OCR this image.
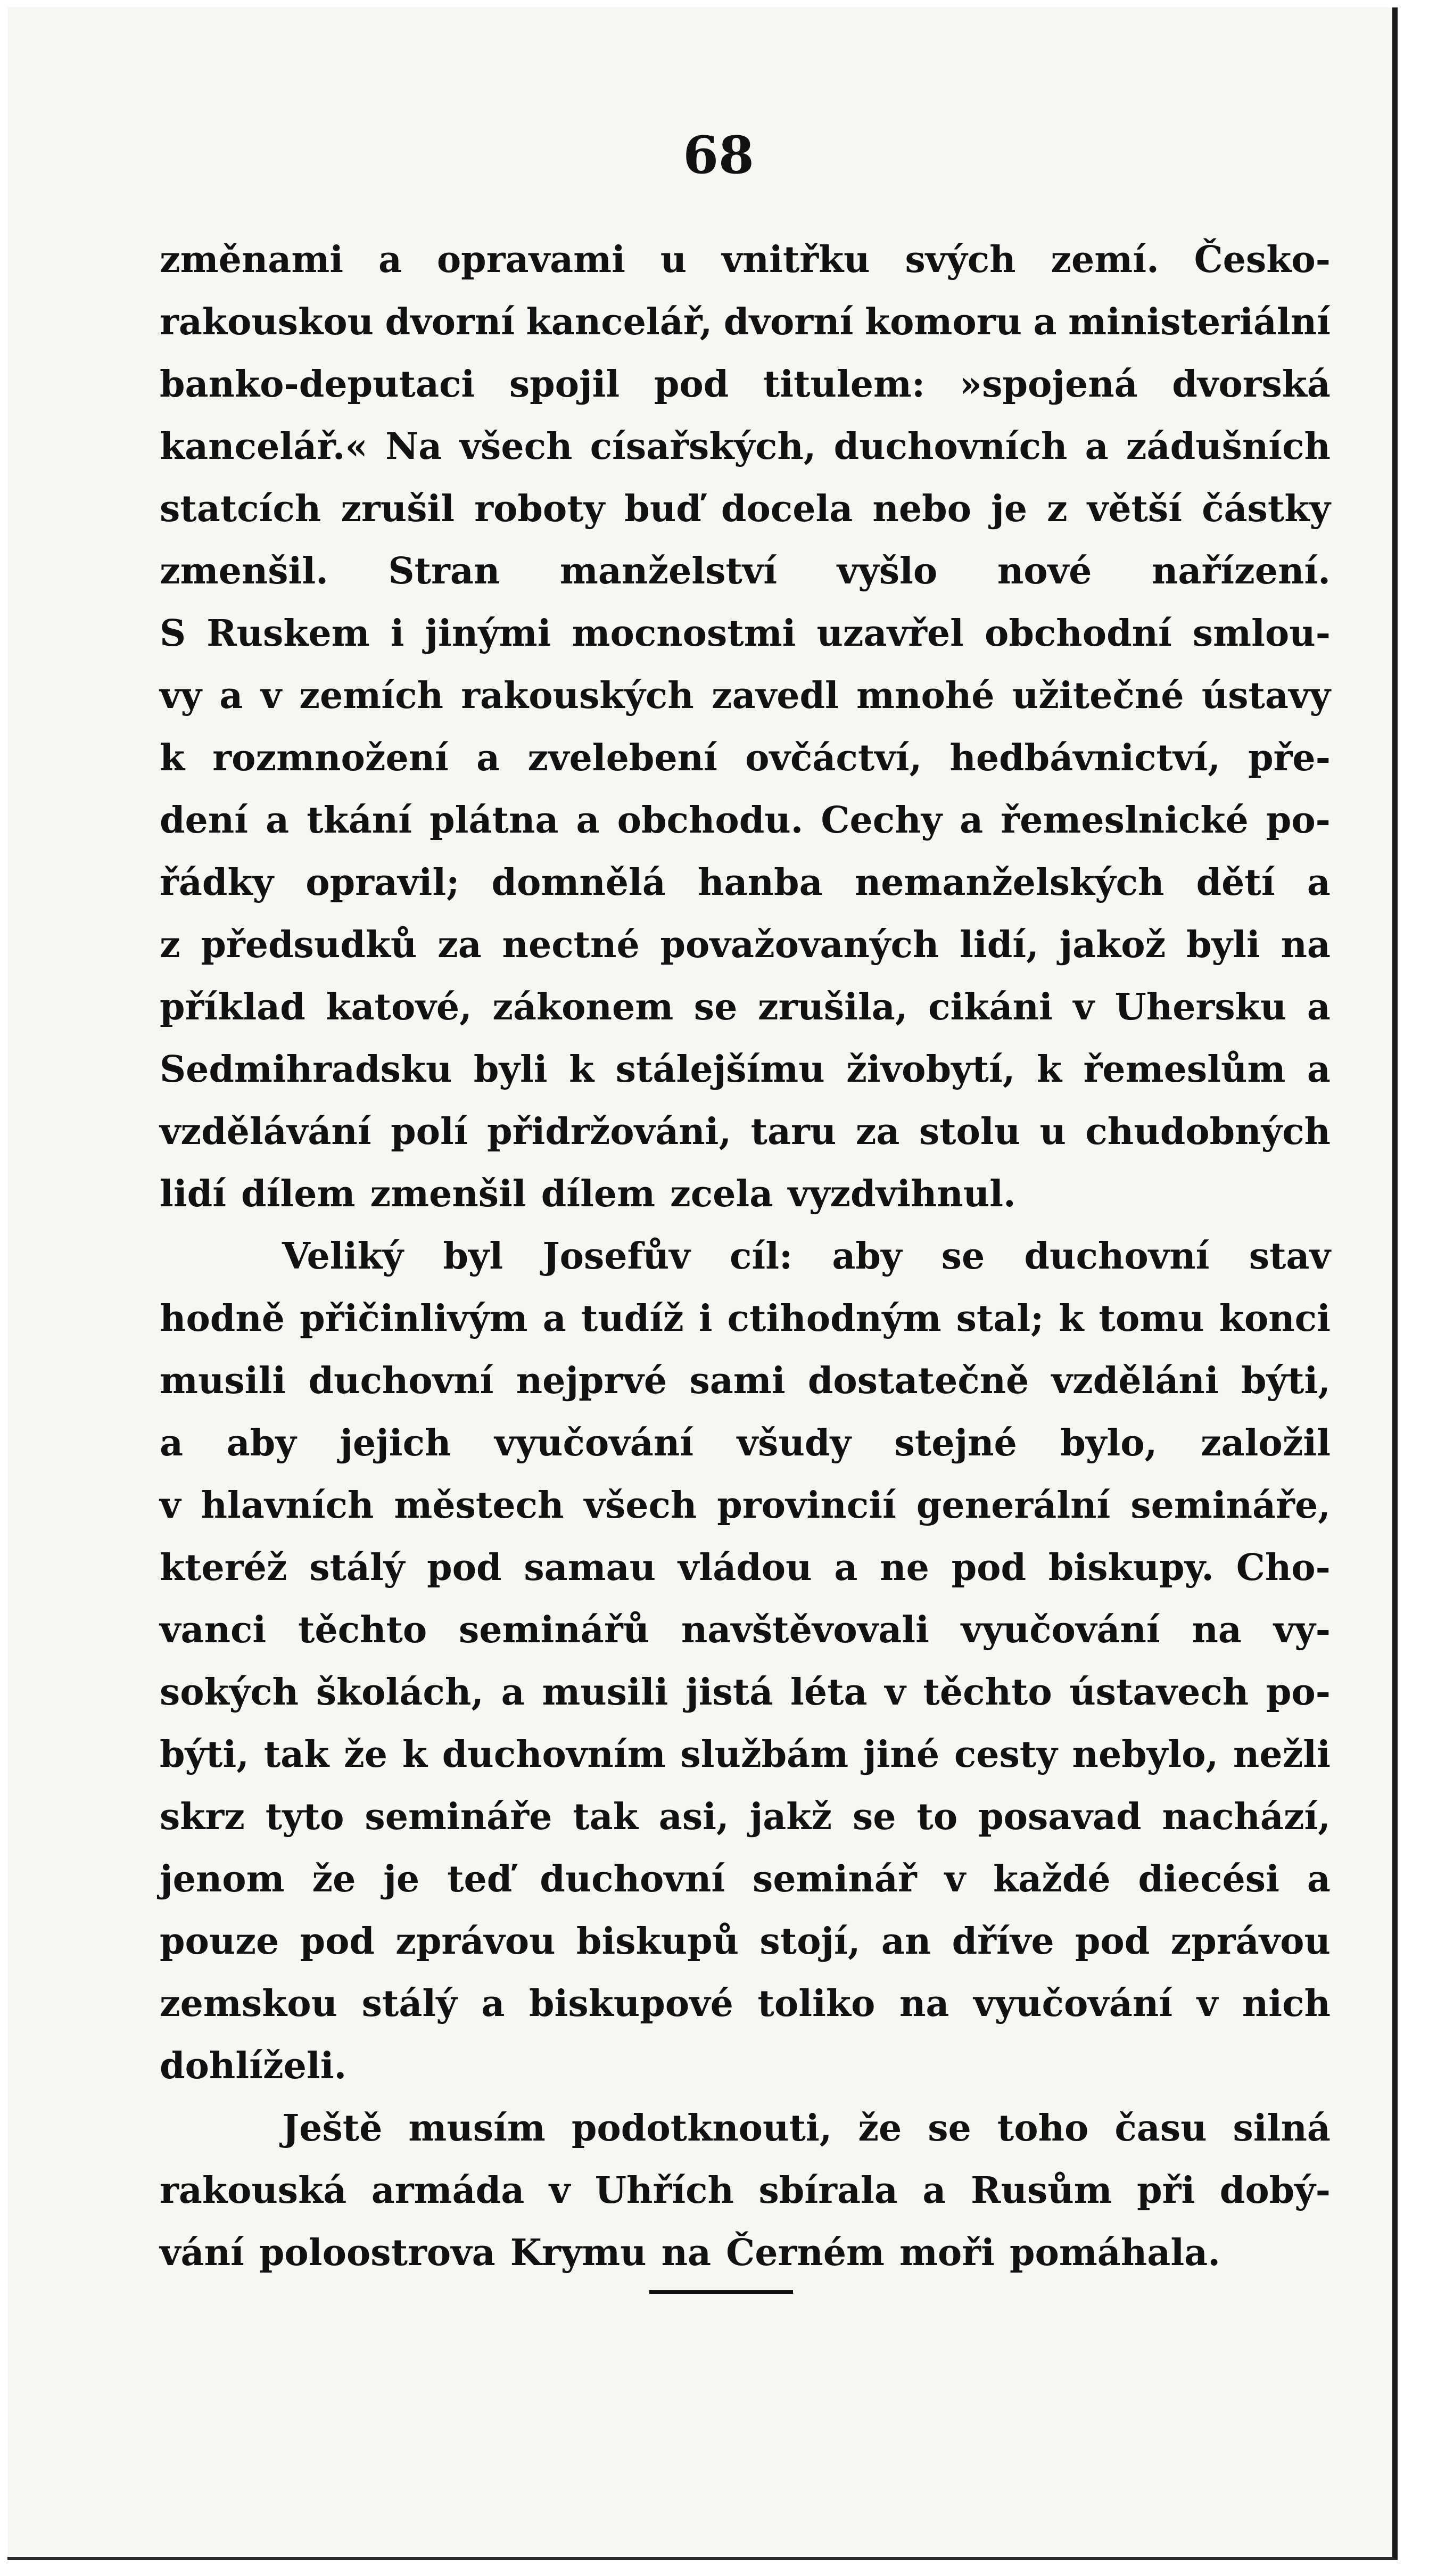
68
změnami a opravami u vnitřku svých zemí. Česko-
rakouskou dvorní kancelář, dvorní komoru a ministeriální
banko-deputaci spojil pod titulem: »spojená dvorská
kancelář.« Na všech císařských, duchovních a zádušních
statcích zrušil roboty buď docela nebo je z větší částky
zmenšil. Stran manželství vyšlo nové nařízení.
S Ruskem i jinými mocnostmi uzavřel obchodní smlou-
vy a v zemích rakouských zavedl mnohé užitečné ústavy
k rozmnožení a zvelebení ovčáctví, hedbávnictví, pře-
dení a tkání plátna a obchodu. Cechy a řemeslnické po-
řádky opravil; domnělá hanba nemanželských dětí a
z předsudků za nectné považovaných lidí, jakož byli na
příklad katové, zákonem se zrušila, cikáni v Uhersku a
Sedmihradsku byli k stálejšímu živobytí, k řemeslům a
vzdělávání polí přidržováni, taru za stolu u chudobných
lidí dílem zmenšil dílem zcela vyzdvihnul.
Veliký byl Josefův cíl: aby se duchovní stav
hodně přičinlivým a tudíž i ctihodným stal; k tomu konci
musili duchovní nejprvé sami dostatečně vzděláni býti,
a aby jejich vyučování všudy stejné bylo, založil
v hlavních městech všech provincií generální semináře,
kteréž stálý pod samau vládou a ne pod biskupy. Cho-
vanci těchto seminářů navštěvovali vyučování na vy-
sokých školách, a musili jistá léta v těchto ústavech po-
býti, tak že k duchovním službám jiné cesty nebylo, nežli
skrz tyto semináře tak asi, jakž se to posavad nachází,
jenom že je teď duchovní seminář v každé diecési a
pouze pod zprávou biskupů stojí, an dříve pod zprávou
zemskou stálý a biskupové toliko na vyučování v nich
dohlíželi.
Ještě musím podotknouti, že se toho času silná
rakouská armáda v Uhřích sbírala a Rusům při dobý-
vání poloostrova Krymu na Černém moři pomáhala.
